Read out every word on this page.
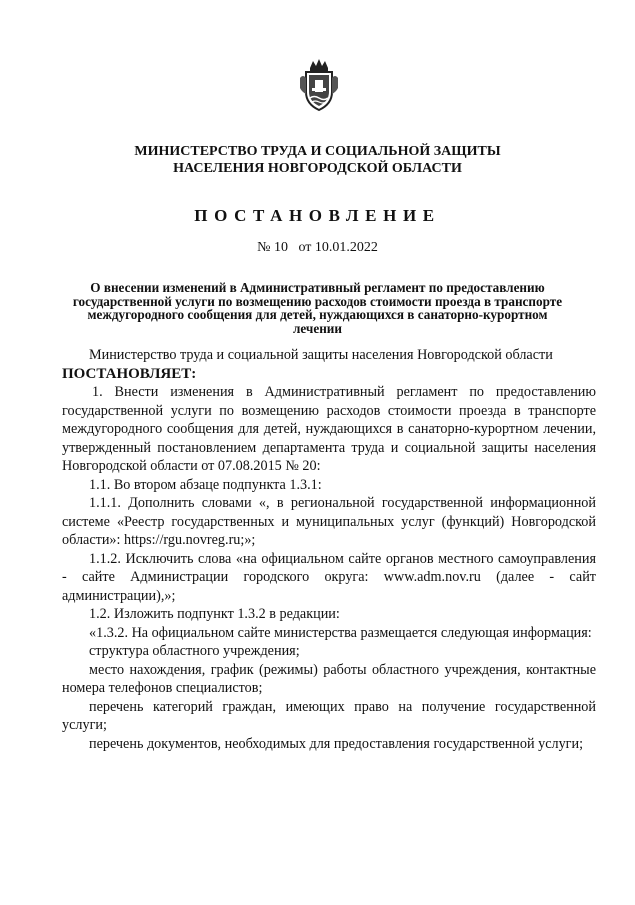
МИНИСТЕРСТВО ТРУДА И СОЦИАЛЬНОЙ ЗАЩИТЫ
НАСЕЛЕНИЯ НОВГОРОДСКОЙ ОБЛАСТИ
ПОСТАНОВЛЕНИЕ
№ 10   от 10.01.2022
О внесении изменений в Административный регламент по предоставлению государственной услуги по возмещению расходов стоимости проезда в транспорте междугородного сообщения для детей, нуждающихся в санаторно-курортном лечении

Министерство труда и социальной защиты населения Новгородской области

ПОСТАНОВЛЯЕТ:

1. Внести изменения в Административный регламент по предоставлению государственной услуги по возмещению расходов стоимости проезда в транспорте междугородного сообщения для детей, нуждающихся в санаторно-курортном лечении, утвержденный постановлением департамента труда и социальной защиты населения Новгородской области от 07.08.2015 № 20:

1.1. Во втором абзаце подпункта 1.3.1:

1.1.1. Дополнить словами «, в региональной государственной информационной системе «Реестр государственных и муниципальных услуг (функций) Новгородской области»: https://rgu.novreg.ru;»;

1.1.2. Исключить слова «на официальном сайте органов местного самоуправления - сайте Администрации городского округа: www.adm.nov.ru (далее - сайт администрации),»;

1.2. Изложить подпункт 1.3.2 в редакции:

«1.3.2. На официальном сайте министерства размещается следующая информация:

структура областного учреждения;

место нахождения, график (режимы) работы областного учреждения, контактные номера телефонов специалистов;

перечень категорий граждан, имеющих право на получение государственной услуги;

перечень документов, необходимых для предоставления государственной услуги;
